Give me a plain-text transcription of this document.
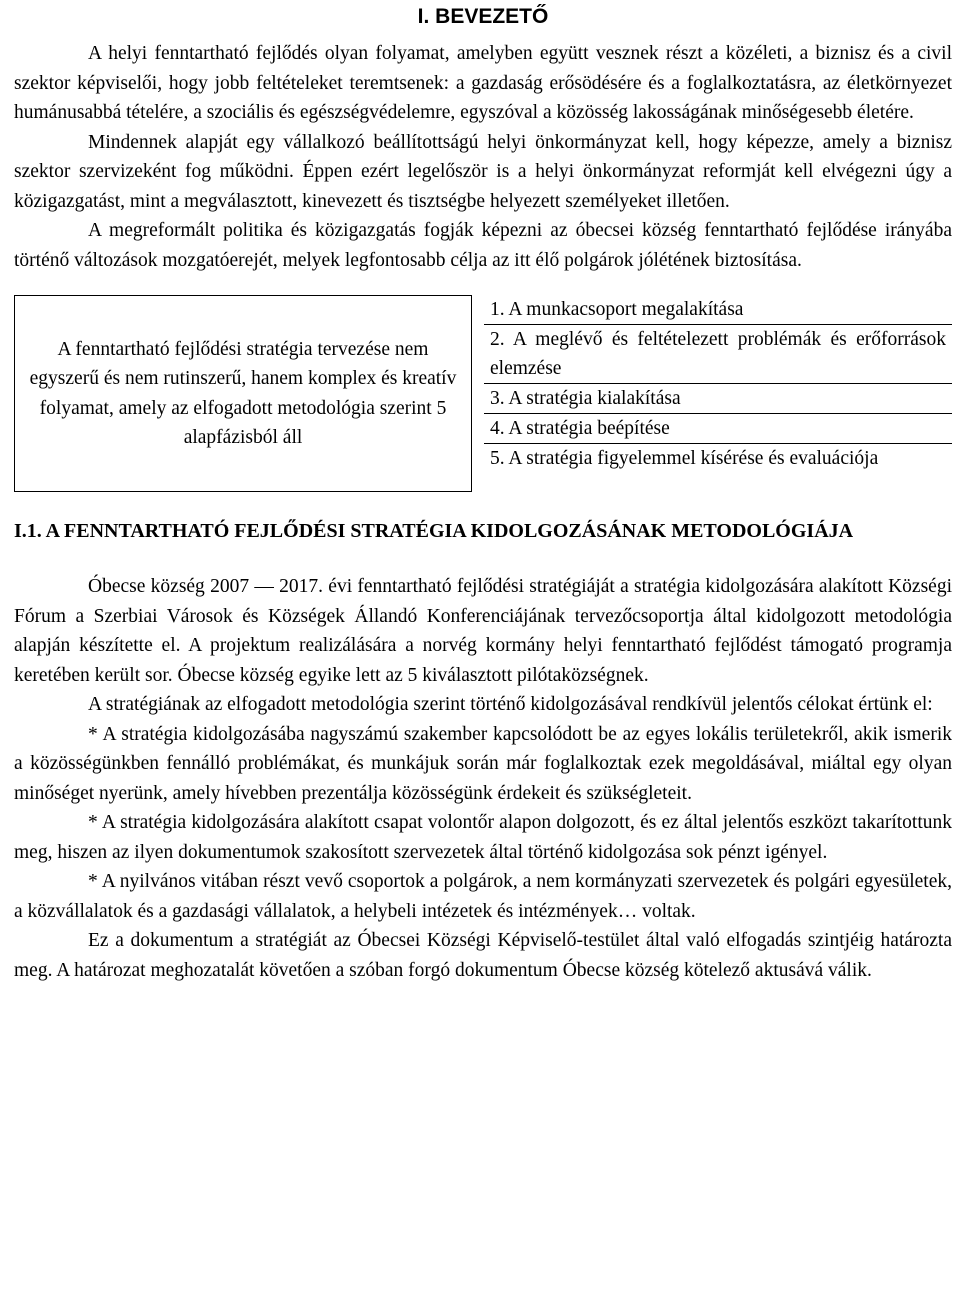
I. BEVEZETŐ

A helyi fenntartható fejlődés olyan folyamat, amelyben együtt vesznek részt a közéleti, a biznisz és a civil szektor képviselői, hogy jobb feltételeket teremtsenek: a gazdaság erősödésére és a foglalkoztatásra, az életkörnyezet humánusabbá tételére, a szociális és egészségvédelemre, egyszóval a közösség lakosságának minőségesebb életére.

Mindennek alapját egy vállalkozó beállítottságú helyi önkormányzat kell, hogy képezze, amely a biznisz szektor szervizeként fog működni. Éppen ezért legelőször is a helyi önkormányzat reformját kell elvégezni úgy a közigazgatást, mint a megválasztott, kinevezett és tisztségbe helyezett személyeket illetően.

A megreformált politika és közigazgatás fogják képezni az óbecsei község fenntartható fejlődése irányába történő változások mozgatóerejét, melyek legfontosabb célja az itt élő polgárok jólétének biztosítása.

A fenntartható fejlődési stratégia tervezése nem egyszerű és nem rutinszerű, hanem komplex és kreatív folyamat, amely az elfogadott metodológia szerint 5 alapfázisból áll
1. A munkacsoport megalakítása
2. A meglévő és feltételezett problémák és erőforrások elemzése
3. A stratégia kialakítása
4. A stratégia beépítése
5. A stratégia figyelemmel kísérése és evaluációja
I.1. A FENNTARTHATÓ FEJLŐDÉSI STRATÉGIA KIDOLGOZÁSÁNAK METODOLÓGIÁJA

Óbecse község 2007 — 2017. évi fenntartható fejlődési stratégiáját a stratégia kidolgozására alakított Községi Fórum a Szerbiai Városok és Községek Állandó Konferenciájának tervezőcsoportja által kidolgozott metodológia alapján készítette el. A projektum realizálására a norvég kormány helyi fenntartható fejlődést támogató programja keretében került sor. Óbecse község egyike lett az 5 kiválasztott pilótaközségnek.

A stratégiának az elfogadott metodológia szerint történő kidolgozásával rendkívül jelentős célokat értünk el:

* A stratégia kidolgozásába nagyszámú szakember kapcsolódott be az egyes lokális területekről, akik ismerik a közösségünkben fennálló problémákat, és munkájuk során már foglalkoztak ezek megoldásával, miáltal egy olyan minőséget nyerünk, amely hívebben prezentálja közösségünk érdekeit és szükségleteit.

* A stratégia kidolgozására alakított csapat volontőr alapon dolgozott, és ez által jelentős eszközt takarítottunk meg, hiszen az ilyen dokumentumok szakosított szervezetek által történő kidolgozása sok pénzt igényel.

* A nyilvános vitában részt vevő csoportok a polgárok, a nem kormányzati szervezetek és polgári egyesületek, a közvállalatok és a gazdasági vállalatok, a helybeli intézetek és intézmények… voltak.

Ez a dokumentum a stratégiát az Óbecsei Községi Képviselő-testület által való elfogadás szintjéig határozta meg. A határozat meghozatalát követően a szóban forgó dokumentum Óbecse község kötelező aktusává válik.
